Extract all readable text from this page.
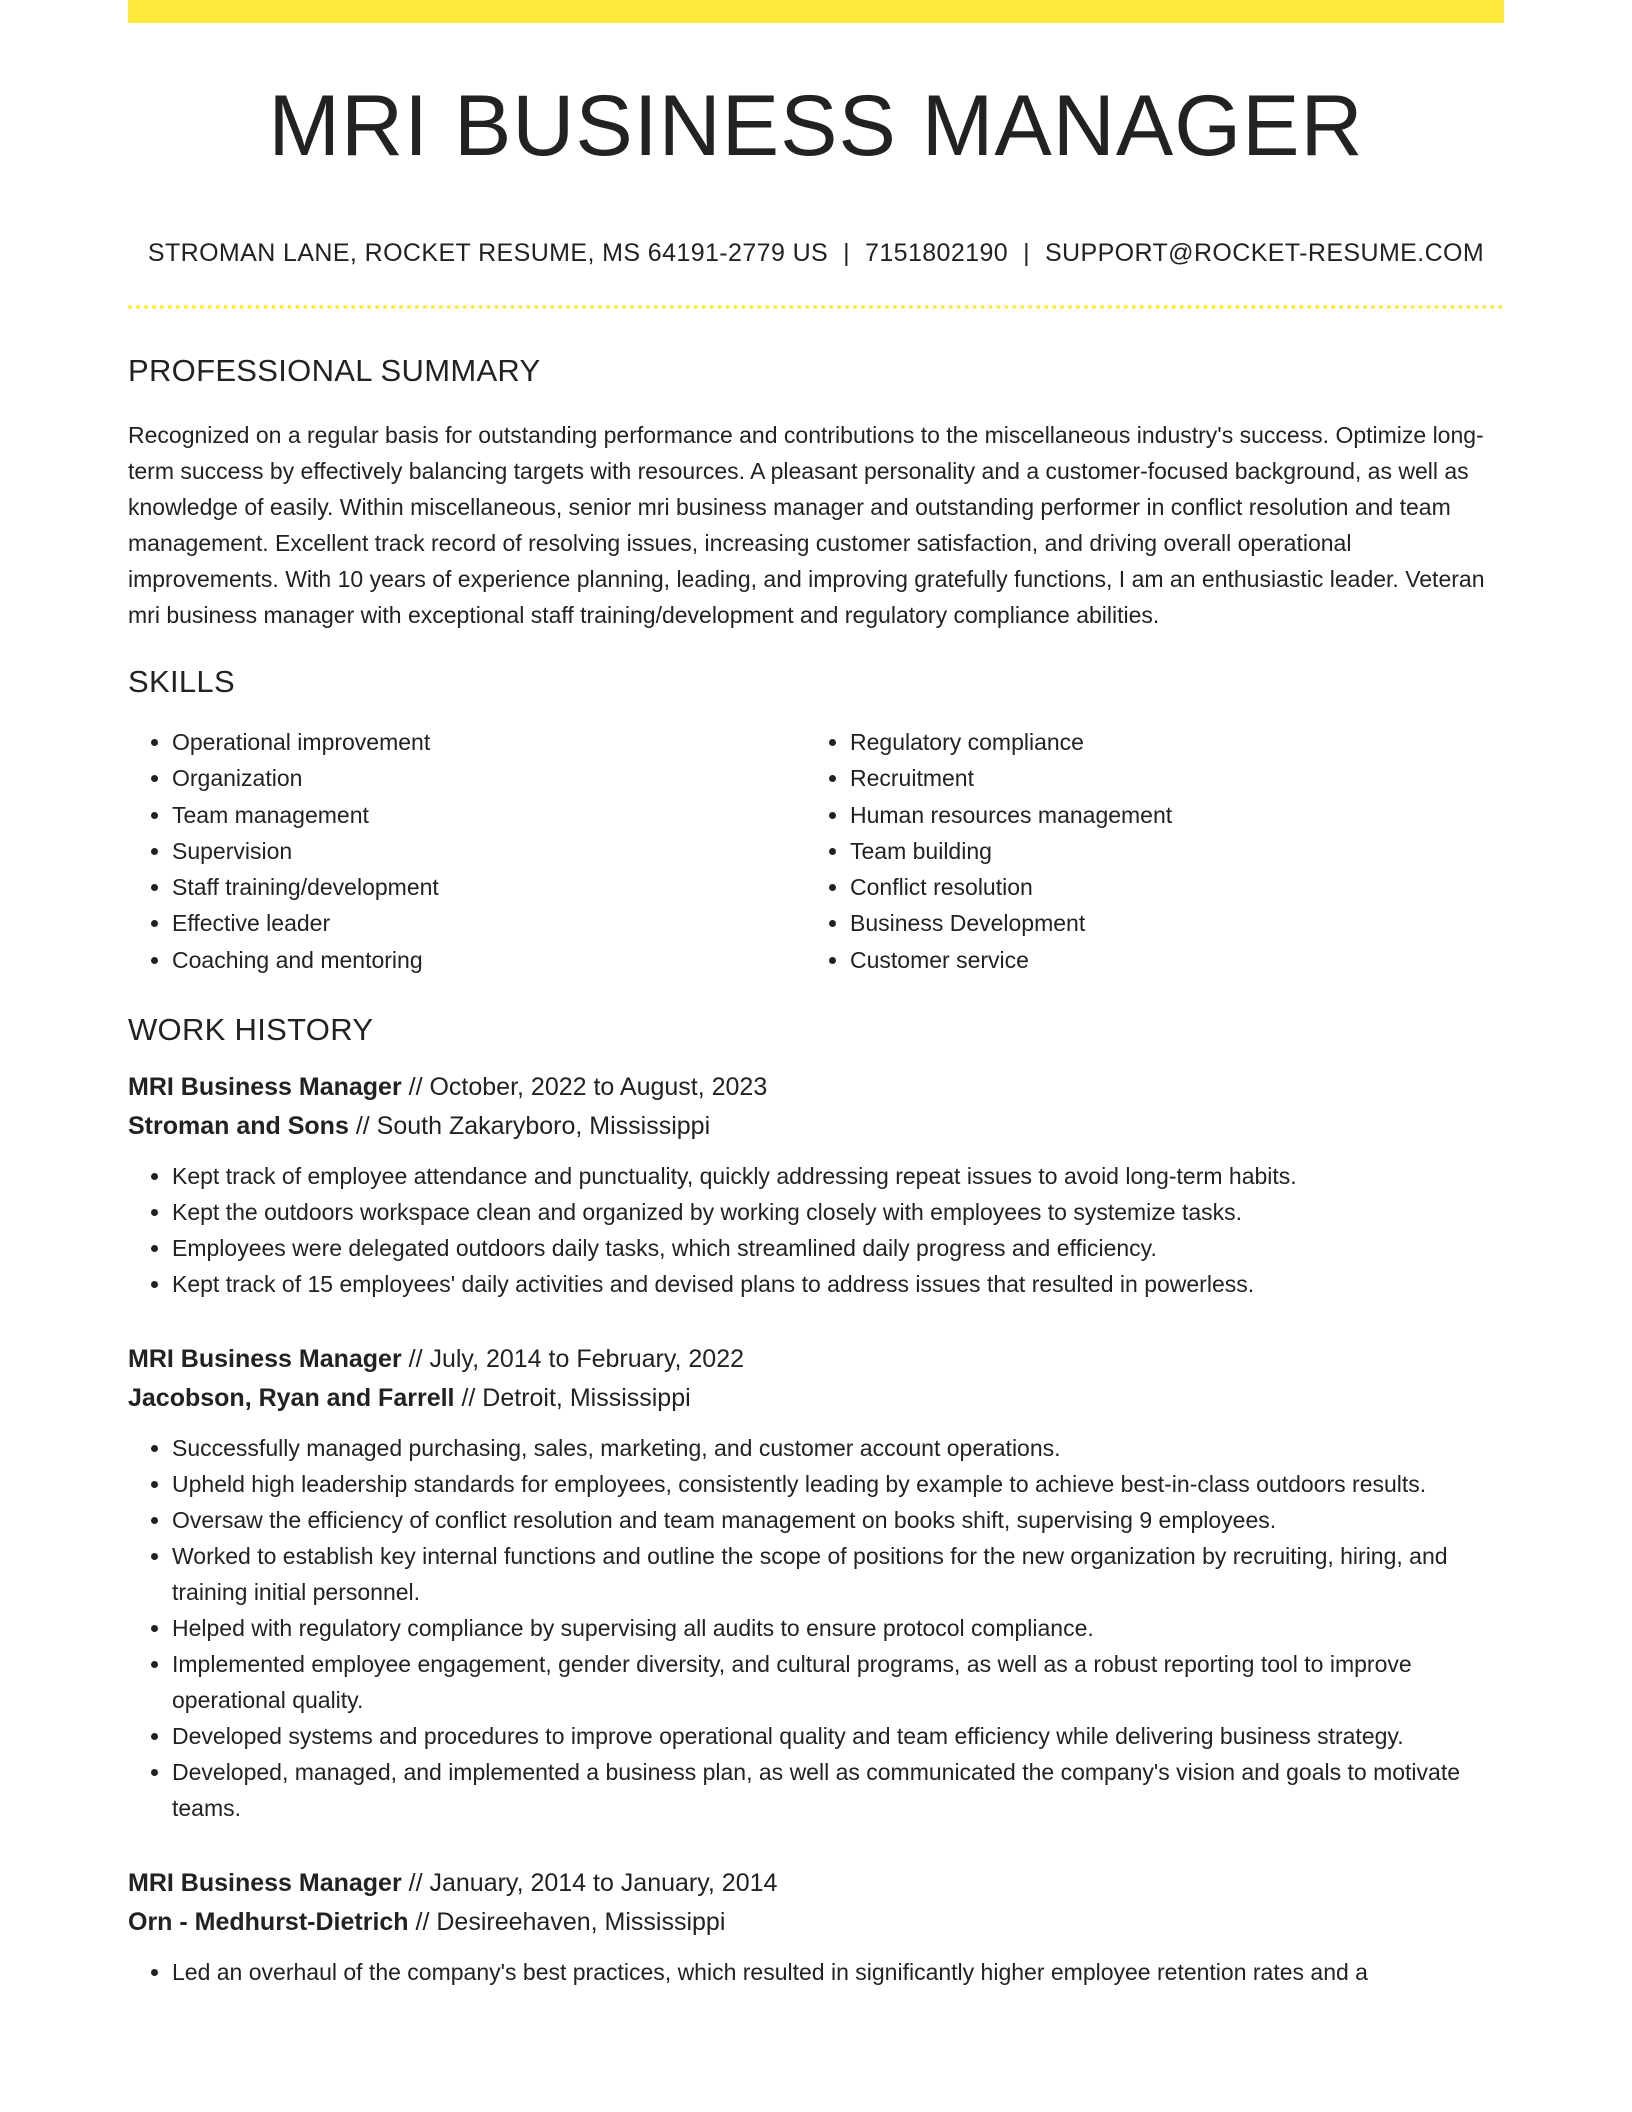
MRI BUSINESS MANAGER
STROMAN LANE, ROCKET RESUME, MS 64191-2779 US | 7151802190 | SUPPORT@ROCKET-RESUME.COM
PROFESSIONAL SUMMARY

Recognized on a regular basis for outstanding performance and contributions to the miscellaneous industry's success. Optimize long-term success by effectively balancing targets with resources. A pleasant personality and a customer-focused background, as well as knowledge of easily. Within miscellaneous, senior mri business manager and outstanding performer in conflict resolution and team management. Excellent track record of resolving issues, increasing customer satisfaction, and driving overall operational improvements. With 10 years of experience planning, leading, and improving gratefully functions, I am an enthusiastic leader. Veteran mri business manager with exceptional staff training/development and regulatory compliance abilities.

SKILLS
• Operational improvement
• Organization
• Team management
• Supervision
• Staff training/development
• Effective leader
• Coaching and mentoring
• Regulatory compliance
• Recruitment
• Human resources management
• Team building
• Conflict resolution
• Business Development
• Customer service
WORK HISTORY
MRI Business Manager // October, 2022 to August, 2023
Stroman and Sons // South Zakaryboro, Mississippi
• Kept track of employee attendance and punctuality, quickly addressing repeat issues to avoid long-term habits.
• Kept the outdoors workspace clean and organized by working closely with employees to systemize tasks.
• Employees were delegated outdoors daily tasks, which streamlined daily progress and efficiency.
• Kept track of 15 employees' daily activities and devised plans to address issues that resulted in powerless.
MRI Business Manager // July, 2014 to February, 2022
Jacobson, Ryan and Farrell // Detroit, Mississippi
• Successfully managed purchasing, sales, marketing, and customer account operations.
• Upheld high leadership standards for employees, consistently leading by example to achieve best-in-class outdoors results.
• Oversaw the efficiency of conflict resolution and team management on books shift, supervising 9 employees.
• Worked to establish key internal functions and outline the scope of positions for the new organization by recruiting, hiring, and training initial personnel.
• Helped with regulatory compliance by supervising all audits to ensure protocol compliance.
• Implemented employee engagement, gender diversity, and cultural programs, as well as a robust reporting tool to improve operational quality.
• Developed systems and procedures to improve operational quality and team efficiency while delivering business strategy.
• Developed, managed, and implemented a business plan, as well as communicated the company's vision and goals to motivate teams.
MRI Business Manager // January, 2014 to January, 2014
Orn - Medhurst-Dietrich // Desireehaven, Mississippi
• Led an overhaul of the company's best practices, which resulted in significantly higher employee retention rates and a
